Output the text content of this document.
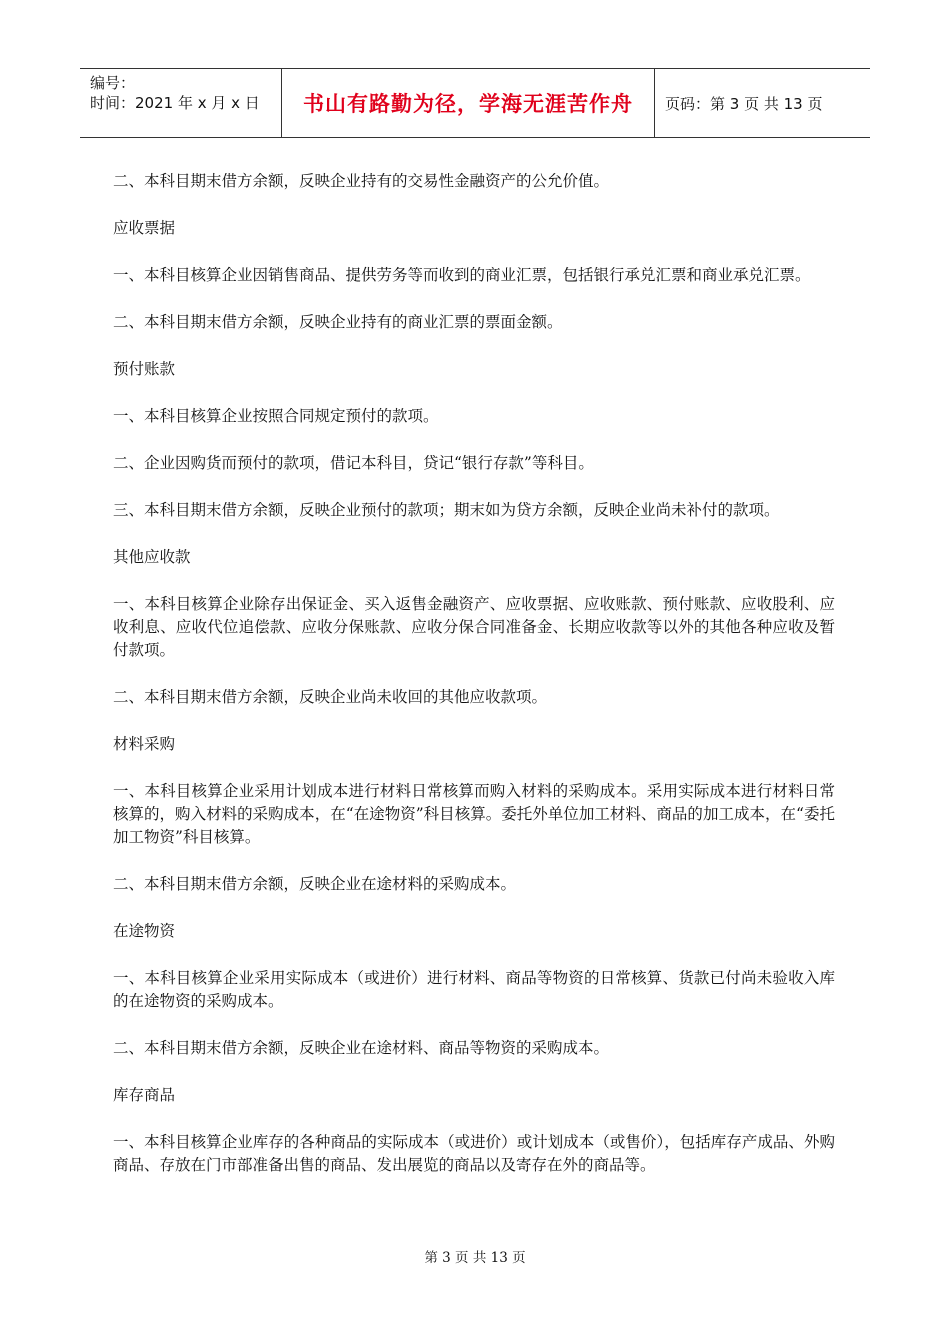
编号：
时间：2021 年 x 月 x 日	书山有路勤为径，学海无涯苦作舟	页码：第 3 页 共 13 页

二、本科目期末借方余额，反映企业持有的交易性金融资产的公允价值。

应收票据

一、本科目核算企业因销售商品、提供劳务等而收到的商业汇票，包括银行承兑汇票和商业承兑汇票。

二、本科目期末借方余额，反映企业持有的商业汇票的票面金额。

预付账款

一、本科目核算企业按照合同规定预付的款项。

二、企业因购货而预付的款项，借记本科目，贷记“银行存款”等科目。

三、本科目期末借方余额，反映企业预付的款项；期末如为贷方余额，反映企业尚未补付的款项。

其他应收款

一、本科目核算企业除存出保证金、买入返售金融资产、应收票据、应收账款、预付账款、应收股利、应收利息、应收代位追偿款、应收分保账款、应收分保合同准备金、长期应收款等以外的其他各种应收及暂付款项。

二、本科目期末借方余额，反映企业尚未收回的其他应收款项。

材料采购

一、本科目核算企业采用计划成本进行材料日常核算而购入材料的采购成本。采用实际成本进行材料日常核算的，购入材料的采购成本，在“在途物资”科目核算。委托外单位加工材料、商品的加工成本，在“委托加工物资”科目核算。

二、本科目期末借方余额，反映企业在途材料的采购成本。

在途物资

一、本科目核算企业采用实际成本（或进价）进行材料、商品等物资的日常核算、货款已付尚未验收入库的在途物资的采购成本。

二、本科目期末借方余额，反映企业在途材料、商品等物资的采购成本。

库存商品

一、本科目核算企业库存的各种商品的实际成本（或进价）或计划成本（或售价），包括库存产成品、外购商品、存放在门市部准备出售的商品、发出展览的商品以及寄存在外的商品等。

第 3 页 共 13 页
